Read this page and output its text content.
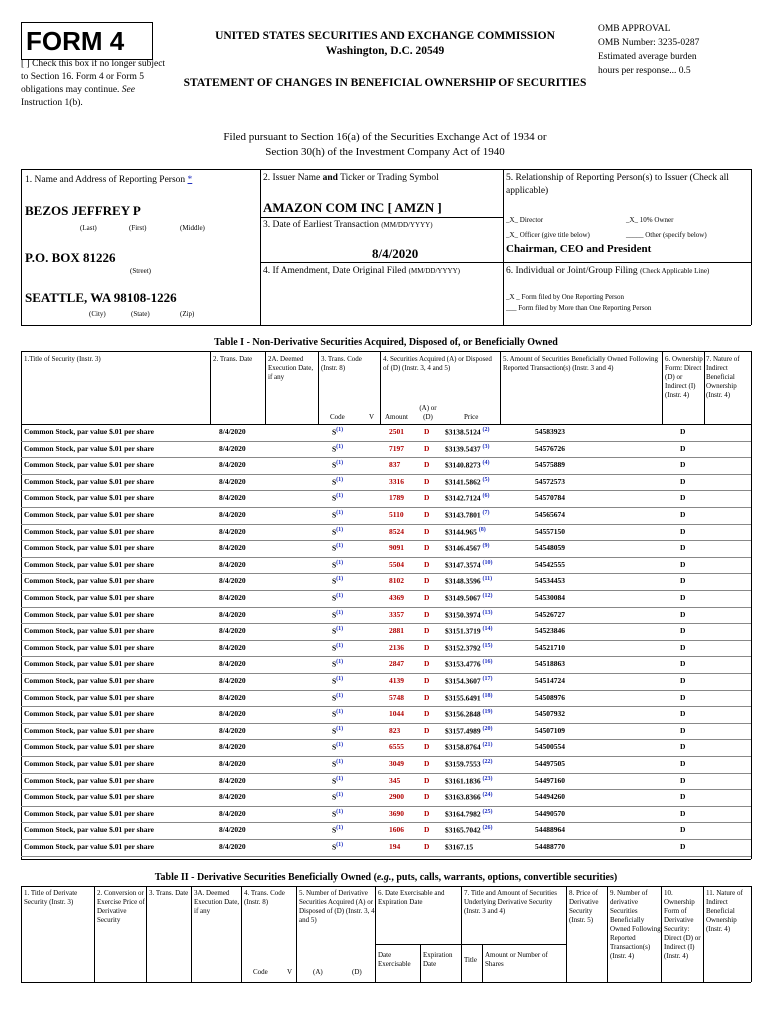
FORM 4
[ ] Check this box if no longer subject to Section 16. Form 4 or Form 5 obligations may continue. See Instruction 1(b).
UNITED STATES SECURITIES AND EXCHANGE COMMISSION
Washington, D.C. 20549
STATEMENT OF CHANGES IN BENEFICIAL OWNERSHIP OF SECURITIES
OMB APPROVAL
OMB Number: 3235-0287
Estimated average burden
hours per response... 0.5
Filed pursuant to Section 16(a) of the Securities Exchange Act of 1934 or
Section 30(h) of the Investment Company Act of 1940
1. Name and Address of Reporting Person *
BEZOS JEFFREY P
(Last)	(First)	(Middle)
P.O. BOX 81226
(Street)
SEATTLE, WA 98108-1226
(City)	(State)	(Zip)
2. Issuer Name and Ticker or Trading Symbol
AMAZON COM INC [ AMZN ]
3. Date of Earliest Transaction (MM/DD/YYYY)
8/4/2020
4. If Amendment, Date Original Filed (MM/DD/YYYY)
5. Relationship of Reporting Person(s) to Issuer (Check all applicable)
_X_ Director	_X_ 10% Owner
_X_ Officer (give title below)	_____ Other (specify below)
Chairman, CEO and President
6. Individual or Joint/Group Filing (Check Applicable Line)
_X _ Form filed by One Reporting Person
___ Form filed by More than One Reporting Person
Table I - Non-Derivative Securities Acquired, Disposed of, or Beneficially Owned
1.Title of Security (Instr. 3)	2. Trans. Date	2A. Deemed Execution Date, if any
3. Trans. Code (Instr. 8)
4. Securities Acquired (A) or Disposed of (D) (Instr. 3, 4 and 5)
5. Amount of Securities Beneficially Owned Following Reported Transaction(s) (Instr. 3 and 4)
6. Ownership Form: Direct (D) or Indirect (I) (Instr. 4)
7. Nature of Indirect Beneficial Ownership (Instr. 4)
Code	V Amount
(A) or (D)	Price
Common Stock, par value $.01 per share	8/4/2020	S$^{(1)}$	2501	D $3138.5124 $^{(2)}$	54583923	D
Common Stock, par value $.01 per share	8/4/2020	S$^{(1)}$	7197	D $3139.5437 $^{(3)}$	54576726	D
Common Stock, par value $.01 per share	8/4/2020	S$^{(1)}$	837	D $3140.8273 $^{(4)}$	54575889	D
Common Stock, par value $.01 per share	8/4/2020	S$^{(1)}$	3316	D $3141.5862 $^{(5)}$	54572573	D
Common Stock, par value $.01 per share	8/4/2020	S$^{(1)}$	1789	D $3142.7124 $^{(6)}$	54570784	D
Common Stock, par value $.01 per share	8/4/2020	S$^{(1)}$	5110	D $3143.7801 $^{(7)}$	54565674	D
Common Stock, par value $.01 per share	8/4/2020	S$^{(1)}$	8524	D $3144.965 $^{(8)}$	54557150	D
Common Stock, par value $.01 per share	8/4/2020	S$^{(1)}$	9091	D $3146.4567 $^{(9)}$	54548059	D
Common Stock, par value $.01 per share	8/4/2020	S$^{(1)}$	5504	D $3147.3574 $^{(10)}$	54542555	D
Common Stock, par value $.01 per share	8/4/2020	S$^{(1)}$	8102	D $3148.3596 $^{(11)}$	54534453	D
Common Stock, par value $.01 per share	8/4/2020	S$^{(1)}$	4369	D $3149.5067 $^{(12)}$	54530084	D
Common Stock, par value $.01 per share	8/4/2020	S$^{(1)}$	3357	D $3150.3974 $^{(13)}$	54526727	D
Common Stock, par value $.01 per share	8/4/2020	S$^{(1)}$	2881	D $3151.3719 $^{(14)}$	54523846	D
Common Stock, par value $.01 per share	8/4/2020	S$^{(1)}$	2136	D $3152.3792 $^{(15)}$	54521710	D
Common Stock, par value $.01 per share	8/4/2020	S$^{(1)}$	2847	D $3153.4776 $^{(16)}$	54518863	D
Common Stock, par value $.01 per share	8/4/2020	S$^{(1)}$	4139	D $3154.3607 $^{(17)}$	54514724	D
Common Stock, par value $.01 per share	8/4/2020	S$^{(1)}$	5748	D $3155.6491 $^{(18)}$	54508976	D
Common Stock, par value $.01 per share	8/4/2020	S$^{(1)}$	1044	D $3156.2848 $^{(19)}$	54507932	D
Common Stock, par value $.01 per share	8/4/2020	S$^{(1)}$	823	D $3157.4989 $^{(20)}$	54507109	D
Common Stock, par value $.01 per share	8/4/2020	S$^{(1)}$	6555	D $3158.8764 $^{(21)}$	54500554	D
Common Stock, par value $.01 per share	8/4/2020	S$^{(1)}$	3049	D $3159.7553 $^{(22)}$	54497505	D
Common Stock, par value $.01 per share	8/4/2020	S$^{(1)}$	345	D $3161.1836 $^{(23)}$	54497160	D
Common Stock, par value $.01 per share	8/4/2020	S$^{(1)}$	2900	D $3163.8366 $^{(24)}$	54494260	D
Common Stock, par value $.01 per share	8/4/2020	S$^{(1)}$	3690	D $3164.7982 $^{(25)}$	54490570	D
Common Stock, par value $.01 per share	8/4/2020	S$^{(1)}$	1606	D $3165.7042 $^{(26)}$	54488964	D
Common Stock, par value $.01 per share	8/4/2020	S$^{(1)}$	194	D $3167.15	54488770	D
Table II - Derivative Securities Beneficially Owned (e.g., puts, calls, warrants, options, convertible securities)
1. Title of Derivate Security (Instr. 3)
2. Conversion or Exercise Price of Derivative Security
3. Trans. Date 3A. Deemed Execution Date, if any
4. Trans. Code (Instr. 8)
5. Number of Derivative Securities Acquired (A) or Disposed of (D) (Instr. 3, 4 and 5)
6. Date Exercisable and Expiration Date
7. Title and Amount of Securities Underlying Derivative Security (Instr. 3 and 4)
8. Price of Derivative Security (Instr. 5)
9. Number of derivative Securities Beneficially Owned Following Reported Transaction(s) (Instr. 4)
10. Ownership Form of Derivative Security: Direct (D) or Indirect (I) (Instr. 4)
11. Nature of Indirect Beneficial Ownership (Instr. 4)
Code	V	(A)	(D)
Date Exercisable
Expiration Date	Title
Amount or Number of Shares
